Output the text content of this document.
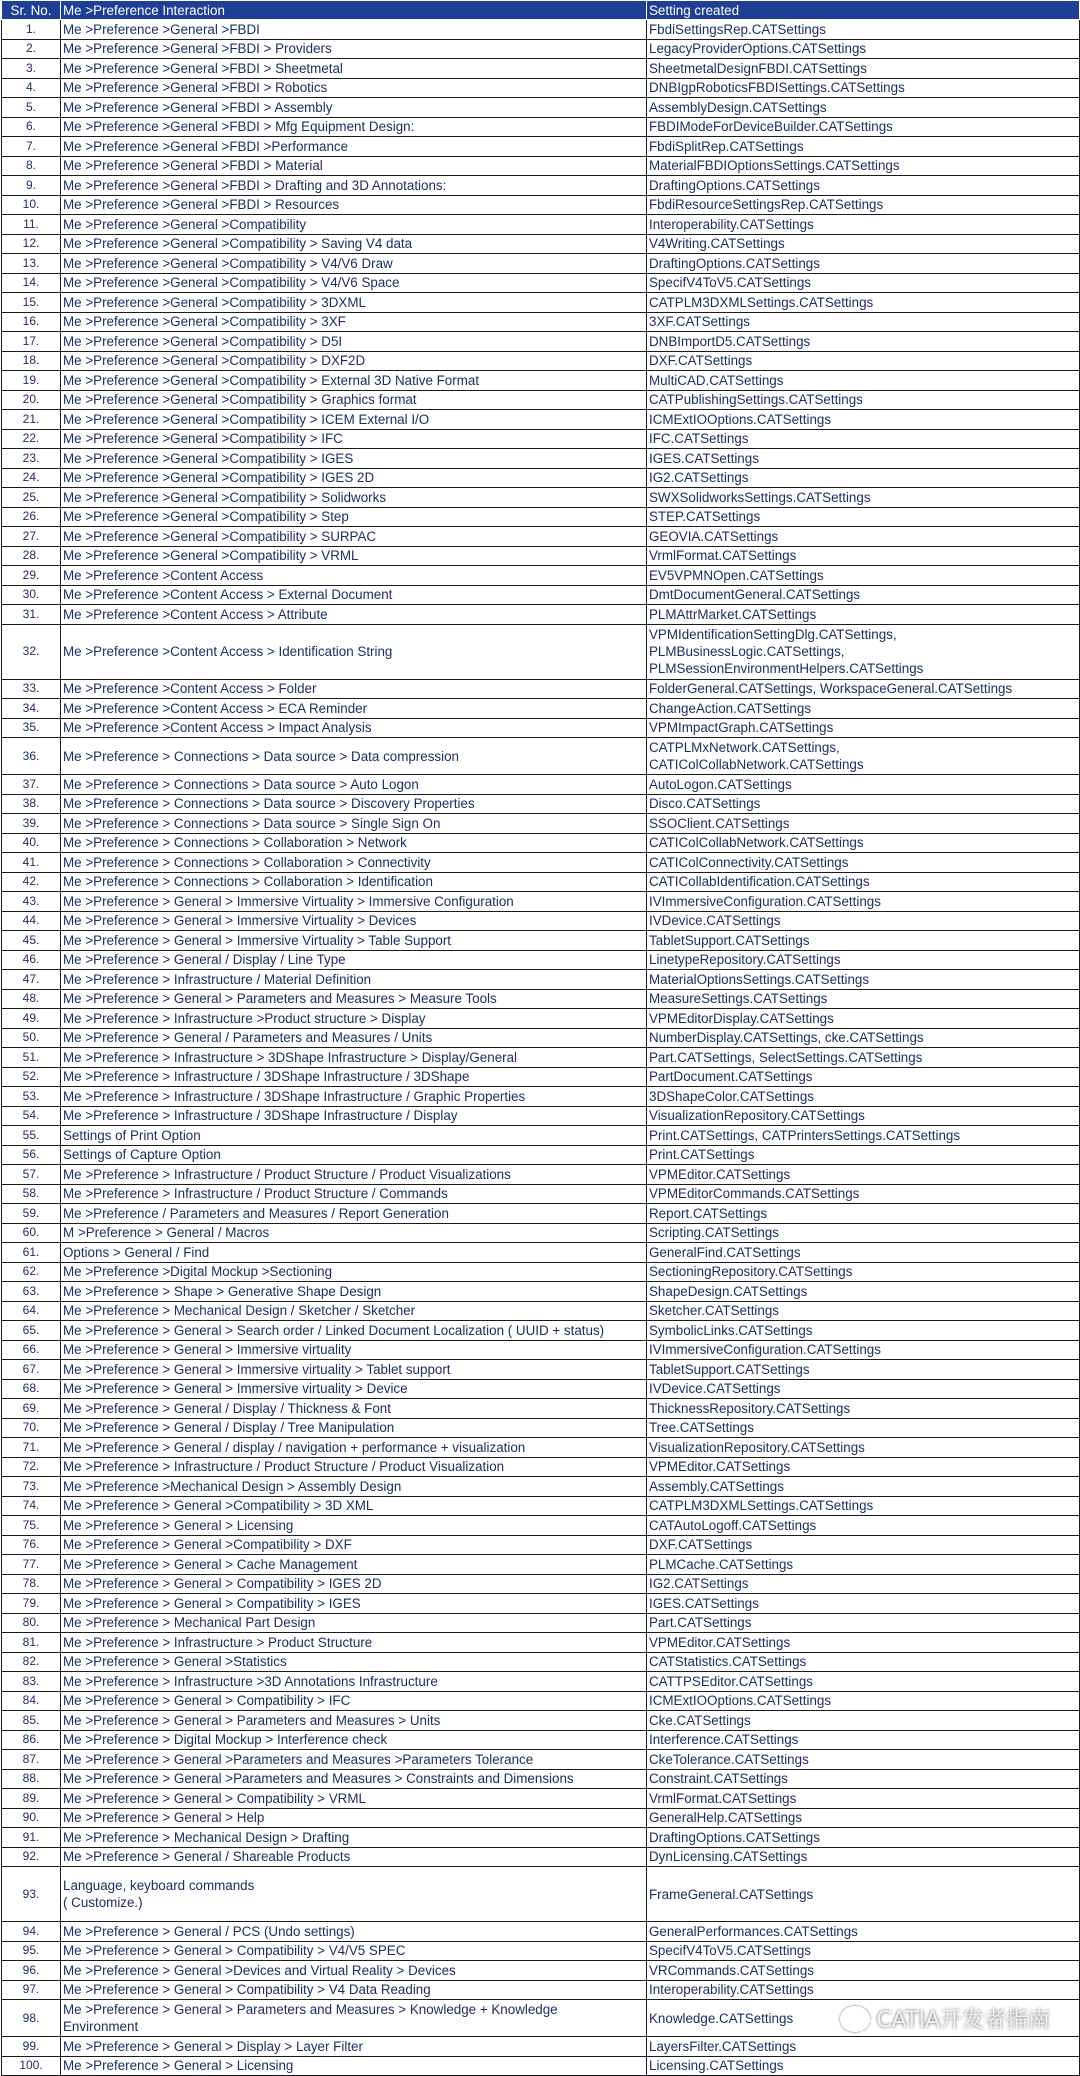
Sr. No.	Me >Preference Interaction	Setting created
1.	Me >Preference >General >FBDI	FbdiSettingsRep.CATSettings
2.	Me >Preference >General >FBDI > Providers	LegacyProviderOptions.CATSettings
3.	Me >Preference >General >FBDI > Sheetmetal	SheetmetalDesignFBDI.CATSettings
4.	Me >Preference >General >FBDI > Robotics	DNBIgpRoboticsFBDISettings.CATSettings
5.	Me >Preference >General >FBDI > Assembly	AssemblyDesign.CATSettings
6.	Me >Preference >General >FBDI > Mfg Equipment Design:	FBDIModeForDeviceBuilder.CATSettings
7.	Me >Preference >General >FBDI >Performance	FbdiSplitRep.CATSettings
8.	Me >Preference >General >FBDI > Material	MaterialFBDIOptionsSettings.CATSettings
9.	Me >Preference >General >FBDI > Drafting and 3D Annotations:	DraftingOptions.CATSettings
10.	Me >Preference >General >FBDI > Resources	FbdiResourceSettingsRep.CATSettings
11.	Me >Preference >General >Compatibility	Interoperability.CATSettings
12.	Me >Preference >General >Compatibility > Saving V4 data	V4Writing.CATSettings
13.	Me >Preference >General >Compatibility > V4/V6 Draw	DraftingOptions.CATSettings
14.	Me >Preference >General >Compatibility > V4/V6 Space	SpecifV4ToV5.CATSettings
15.	Me >Preference >General >Compatibility > 3DXML	CATPLM3DXMLSettings.CATSettings
16.	Me >Preference >General >Compatibility > 3XF	3XF.CATSettings
17.	Me >Preference >General >Compatibility > D5I	DNBImportD5.CATSettings
18.	Me >Preference >General >Compatibility > DXF2D	DXF.CATSettings
19.	Me >Preference >General >Compatibility > External 3D Native Format	MultiCAD.CATSettings
20.	Me >Preference >General >Compatibility > Graphics format	CATPublishingSettings.CATSettings
21.	Me >Preference >General >Compatibility > ICEM External I/O	ICMExtIOOptions.CATSettings
22.	Me >Preference >General >Compatibility > IFC	IFC.CATSettings
23.	Me >Preference >General >Compatibility > IGES	IGES.CATSettings
24.	Me >Preference >General >Compatibility > IGES 2D	IG2.CATSettings
25.	Me >Preference >General >Compatibility > Solidworks	SWXSolidworksSettings.CATSettings
26.	Me >Preference >General >Compatibility > Step	STEP.CATSettings
27.	Me >Preference >General >Compatibility > SURPAC	GEOVIA.CATSettings
28.	Me >Preference >General >Compatibility > VRML	VrmlFormat.CATSettings
29.	Me >Preference >Content Access	EV5VPMNOpen.CATSettings
30.	Me >Preference >Content Access > External Document	DmtDocumentGeneral.CATSettings
31.	Me >Preference >Content Access > Attribute	PLMAttrMarket.CATSettings
32.	Me >Preference >Content Access > Identification String	VPMIdentificationSettingDlg.CATSettings,
PLMBusinessLogic.CATSettings,
PLMSessionEnvironmentHelpers.CATSettings
33.	Me >Preference >Content Access > Folder	FolderGeneral.CATSettings, WorkspaceGeneral.CATSettings
34.	Me >Preference >Content Access > ECA Reminder	ChangeAction.CATSettings
35.	Me >Preference >Content Access > Impact Analysis	VPMImpactGraph.CATSettings
36.	Me >Preference > Connections > Data source > Data compression	CATPLMxNetwork.CATSettings,
CATIColCollabNetwork.CATSettings
37.	Me >Preference > Connections > Data source > Auto Logon	AutoLogon.CATSettings
38.	Me >Preference > Connections > Data source > Discovery Properties	Disco.CATSettings
39.	Me >Preference > Connections > Data source > Single Sign On	SSOClient.CATSettings
40.	Me >Preference > Connections > Collaboration > Network	CATIColCollabNetwork.CATSettings
41.	Me >Preference > Connections > Collaboration > Connectivity	CATIColConnectivity.CATSettings
42.	Me >Preference > Connections > Collaboration > Identification	CATICollabIdentification.CATSettings
43.	Me >Preference > General > Immersive Virtuality > Immersive Configuration	IVImmersiveConfiguration.CATSettings
44.	Me >Preference > General > Immersive Virtuality > Devices	IVDevice.CATSettings
45.	Me >Preference > General > Immersive Virtuality > Table Support	TabletSupport.CATSettings
46.	Me >Preference > General / Display / Line Type	LinetypeRepository.CATSettings
47.	Me >Preference > Infrastructure / Material Definition	MaterialOptionsSettings.CATSettings
48.	Me >Preference > General > Parameters and Measures > Measure Tools	MeasureSettings.CATSettings
49.	Me >Preference > Infrastructure >Product structure > Display	VPMEditorDisplay.CATSettings
50.	Me >Preference > General / Parameters and Measures / Units	NumberDisplay.CATSettings, cke.CATSettings
51.	Me >Preference > Infrastructure > 3DShape Infrastructure > Display/General	Part.CATSettings, SelectSettings.CATSettings
52.	Me >Preference > Infrastructure / 3DShape Infrastructure / 3DShape	PartDocument.CATSettings
53.	Me >Preference > Infrastructure / 3DShape Infrastructure / Graphic Properties	3DShapeColor.CATSettings
54.	Me >Preference > Infrastructure / 3DShape Infrastructure / Display	VisualizationRepository.CATSettings
55.	Settings of Print Option	Print.CATSettings, CATPrintersSettings.CATSettings
56.	Settings of Capture Option	Print.CATSettings
57.	Me >Preference > Infrastructure / Product Structure / Product Visualizations	VPMEditor.CATSettings
58.	Me >Preference > Infrastructure / Product Structure / Commands	VPMEditorCommands.CATSettings
59.	Me >Preference / Parameters and Measures / Report Generation	Report.CATSettings
60.	M >Preference > General / Macros	Scripting.CATSettings
61.	Options > General / Find	GeneralFind.CATSettings
62.	Me >Preference >Digital Mockup >Sectioning	SectioningRepository.CATSettings
63.	Me >Preference > Shape > Generative Shape Design	ShapeDesign.CATSettings
64.	Me >Preference > Mechanical Design / Sketcher / Sketcher	Sketcher.CATSettings
65.	Me >Preference > General > Search order / Linked Document Localization ( UUID + status)	SymbolicLinks.CATSettings
66.	Me >Preference > General > Immersive virtuality	IVImmersiveConfiguration.CATSettings
67.	Me >Preference > General > Immersive virtuality > Tablet support	TabletSupport.CATSettings
68.	Me >Preference > General > Immersive virtuality > Device	IVDevice.CATSettings
69.	Me >Preference > General / Display / Thickness & Font	ThicknessRepository.CATSettings
70.	Me >Preference > General / Display / Tree Manipulation	Tree.CATSettings
71.	Me >Preference > General / display / navigation + performance + visualization	VisualizationRepository.CATSettings
72.	Me >Preference > Infrastructure / Product Structure / Product Visualization	VPMEditor.CATSettings
73.	Me >Preference >Mechanical Design > Assembly Design	Assembly.CATSettings
74.	Me >Preference > General >Compatibility > 3D XML	CATPLM3DXMLSettings.CATSettings
75.	Me >Preference > General > Licensing	CATAutoLogoff.CATSettings
76.	Me >Preference > General >Compatibility > DXF	DXF.CATSettings
77.	Me >Preference > General > Cache Management	PLMCache.CATSettings
78.	Me >Preference > General > Compatibility > IGES 2D	IG2.CATSettings
79.	Me >Preference > General > Compatibility > IGES	IGES.CATSettings
80.	Me >Preference > Mechanical Part Design	Part.CATSettings
81.	Me >Preference > Infrastructure > Product Structure	VPMEditor.CATSettings
82.	Me >Preference > General >Statistics	CATStatistics.CATSettings
83.	Me >Preference > Infrastructure >3D Annotations Infrastructure	CATTPSEditor.CATSettings
84.	Me >Preference > General > Compatibility > IFC	ICMExtIOOptions.CATSettings
85.	Me >Preference > General > Parameters and Measures > Units	Cke.CATSettings
86.	Me >Preference > Digital Mockup > Interference check	Interference.CATSettings
87.	Me >Preference > General >Parameters and Measures >Parameters Tolerance	CkeTolerance.CATSettings
88.	Me >Preference > General >Parameters and Measures > Constraints and Dimensions	Constraint.CATSettings
89.	Me >Preference > General > Compatibility > VRML	VrmlFormat.CATSettings
90.	Me >Preference > General > Help	GeneralHelp.CATSettings
91.	Me >Preference > Mechanical Design > Drafting	DraftingOptions.CATSettings
92.	Me >Preference > General / Shareable Products	DynLicensing.CATSettings
93.	Language, keyboard commands
( Customize.)	FrameGeneral.CATSettings
94.	Me >Preference > General / PCS (Undo settings)	GeneralPerformances.CATSettings
95.	Me >Preference > General > Compatibility > V4/V5 SPEC	SpecifV4ToV5.CATSettings
96.	Me >Preference > General >Devices and Virtual Reality > Devices	VRCommands.CATSettings
97.	Me >Preference > General > Compatibility > V4 Data Reading	Interoperability.CATSettings
98.	Me >Preference > General > Parameters and Measures > Knowledge + Knowledge
Environment	Knowledge.CATSettings
99.	Me >Preference > General > Display > Layer Filter	LayersFilter.CATSettings
100.	Me >Preference > General > Licensing	Licensing.CATSettings
CATIA开发者指南
